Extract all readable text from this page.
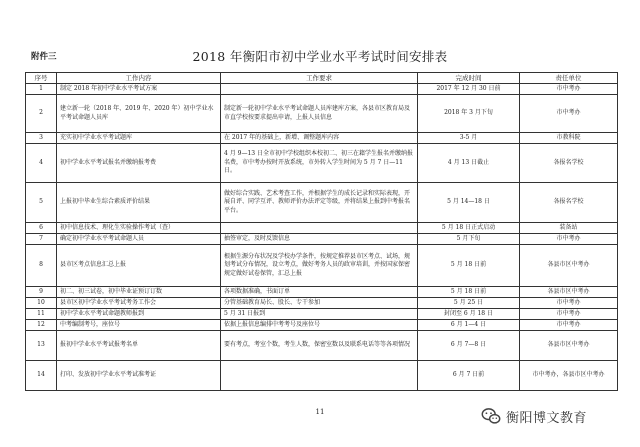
附件三	2018 年衡阳市初中学业水平考试时间安排表
序号	工作内容	工作要求	完成时间	责任单位
1	制定 2018 年初中学业水平考试方案		2017 年 12 月 30 日前	市中考办
2	建立新一轮（2018 年、2019 年、2020 年）初中学业水平考试命题人员库	制定新一轮初中学业水平考试命题人员库建库方案，各县市区教育局及市直学校按要求提出申请，上报人员信息	2018 年 3 月下旬	市中考办
3	充实初中学业水平考试题库	在 2017 年的基础上，新增、调整题库内容	3-5 月	市教科院
4	初中学业水平考试报名并缴纳报考费	4 月 9—13 日全市初中学校组织本校初二、初三在籍学生报名并缴纳报名费，市中考办按时开放系统，市外转入学生时间为 5 月 7 日—11 日。	4 月 13 日截止	各报名学校
5	上报初中毕业生综合素质评价结果	做好综合实践、艺术考查工作，并根据学生的成长记录和实际表现，开展自评、同学互评、教师评价办法评定等级，并将结果上报到中考报名平台。	5 月 14—18 日	各报名学校
6	初中信息技术、理化生实验操作考试（查）		5 月 18 日正式启动	装备站
7	确定初中学业水平考试命题人员	抽签审定，及时反馈信息	5 月下旬	市中考办
8	县市区考点信息汇总上报	根据生源分布状况及学校办学条件，按规定推荐县市区考点、试场，规划考试分布情况，设立考点，做好考务人员的政审培训，并按国家保密规定做好试卷保管，汇总上报	5 月 18 日前	各县市区中考办
9	初二、初三试卷，初中毕业证预订订数	各项数据准确，书面订单	5 月 18 日前	各县市区中考办
10	县市区初中学业水平考试考务工作会	分管基础教育局长、股长、专干参加	5 月 25 日	市中考办
11	初中学业水平考试命题教师报到	5 月 31 日报到	封闭至 6 月 18 日	市中考办
12	中考编制考号，座位号	依据上报信息编排中考考号及座位号	6 月 1—4 日	市中考办
13	报初中学业水平考试报考名单	要有考点，考室个数，考生人数，保密室数以及联系电话等等各项情况	6 月 7—8 日	各县市区中考办
14	打印、发放初中学业水平考试准考证		6 月 7 日前	市中考办，各县市区中考办
11	衡阳博文教育
